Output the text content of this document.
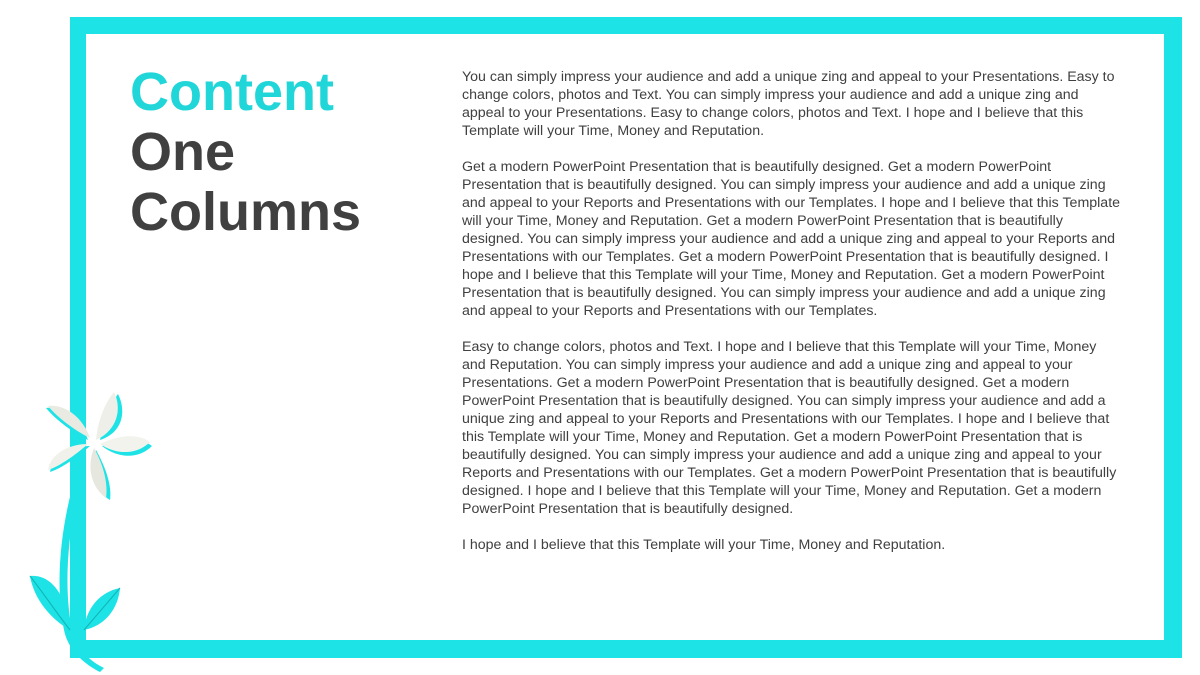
Content
One
Columns

You can simply impress your audience and add a unique zing and appeal to your Presentations. Easy to change colors, photos and Text. You can simply impress your audience and add a unique zing and appeal to your Presentations. Easy to change colors, photos and Text. I hope and I believe that this Template will your Time, Money and Reputation.

Get a modern PowerPoint Presentation that is beautifully designed. Get a modern PowerPoint Presentation that is beautifully designed. You can simply impress your audience and add a unique zing and appeal to your Reports and Presentations with our Templates. I hope and I believe that this Template will your Time, Money and Reputation. Get a modern PowerPoint Presentation that is beautifully designed. You can simply impress your audience and add a unique zing and appeal to your Reports and Presentations with our Templates. Get a modern PowerPoint Presentation that is beautifully designed. I hope and I believe that this Template will your Time, Money and Reputation. Get a modern PowerPoint Presentation that is beautifully designed. You can simply impress your audience and add a unique zing and appeal to your Reports and Presentations with our Templates.

Easy to change colors, photos and Text. I hope and I believe that this Template will your Time, Money and Reputation. You can simply impress your audience and add a unique zing and appeal to your Presentations. Get a modern PowerPoint Presentation that is beautifully designed. Get a modern PowerPoint Presentation that is beautifully designed. You can simply impress your audience and add a unique zing and appeal to your Reports and Presentations with our Templates. I hope and I believe that this Template will your Time, Money and Reputation. Get a modern PowerPoint Presentation that is beautifully designed. You can simply impress your audience and add a unique zing and appeal to your Reports and Presentations with our Templates. Get a modern PowerPoint Presentation that is beautifully designed. I hope and I believe that this Template will your Time, Money and Reputation. Get a modern PowerPoint Presentation that is beautifully designed.

I hope and I believe that this Template will your Time, Money and Reputation.
